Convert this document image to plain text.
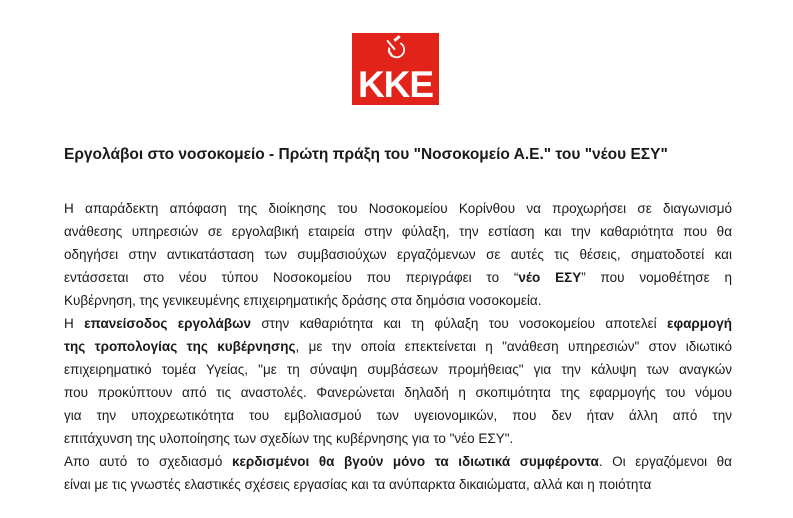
ΚΚΕ
Εργολάβοι στο νοσοκομείο - Πρώτη πράξη του "Νοσοκομείο Α.Ε." του "νέου ΕΣΥ"
Η απαράδεκτη απόφαση της διοίκησης του Νοσοκομείου Κορίνθου να προχωρήσει σε διαγωνισμό
ανάθεσης υπηρεσιών σε εργολαβική εταιρεία στην φύλαξη, την εστίαση και την καθαριότητα που θα
οδηγήσει στην αντικατάσταση των συμβασιούχων εργαζόμενων σε αυτές τις θέσεις, σηματοδοτεί και
εντάσσεται στο νέου τύπου Νοσοκομείου που περιγράφει το “νέο ΕΣΥ” που νομοθέτησε η
Κυβέρνηση, της γενικευμένης επιχειρηματικής δράσης στα δημόσια νοσοκομεία.
Η επανείσοδος εργολάβων στην καθαριότητα και τη φύλαξη του νοσοκομείου αποτελεί εφαρμογή
της τροπολογίας της κυβέρνησης, με την οποία επεκτείνεται η "ανάθεση υπηρεσιών" στον ιδιωτικό
επιχειρηματικό τομέα Υγείας, "με τη σύναψη συμβάσεων προμήθειας" για την κάλυψη των αναγκών
που προκύπτουν από τις αναστολές. Φανερώνεται δηλαδή η σκοπιμότητα της εφαρμογής του νόμου
για την υποχρεωτικότητα του εμβολιασμού των υγειονομικών, που δεν ήταν άλλη από την
επιτάχυνση της υλοποίησης των σχεδίων της κυβέρνησης για το "νέο ΕΣΥ".
Απο αυτό το σχεδιασμό κερδισμένοι θα βγούν μόνο τα ιδιωτικά συμφέροντα. Οι εργαζόμενοι θα
είναι με τις γνωστές ελαστικές σχέσεις εργασίας και τα ανύπαρκτα δικαιώματα, αλλά και η ποιότητα
